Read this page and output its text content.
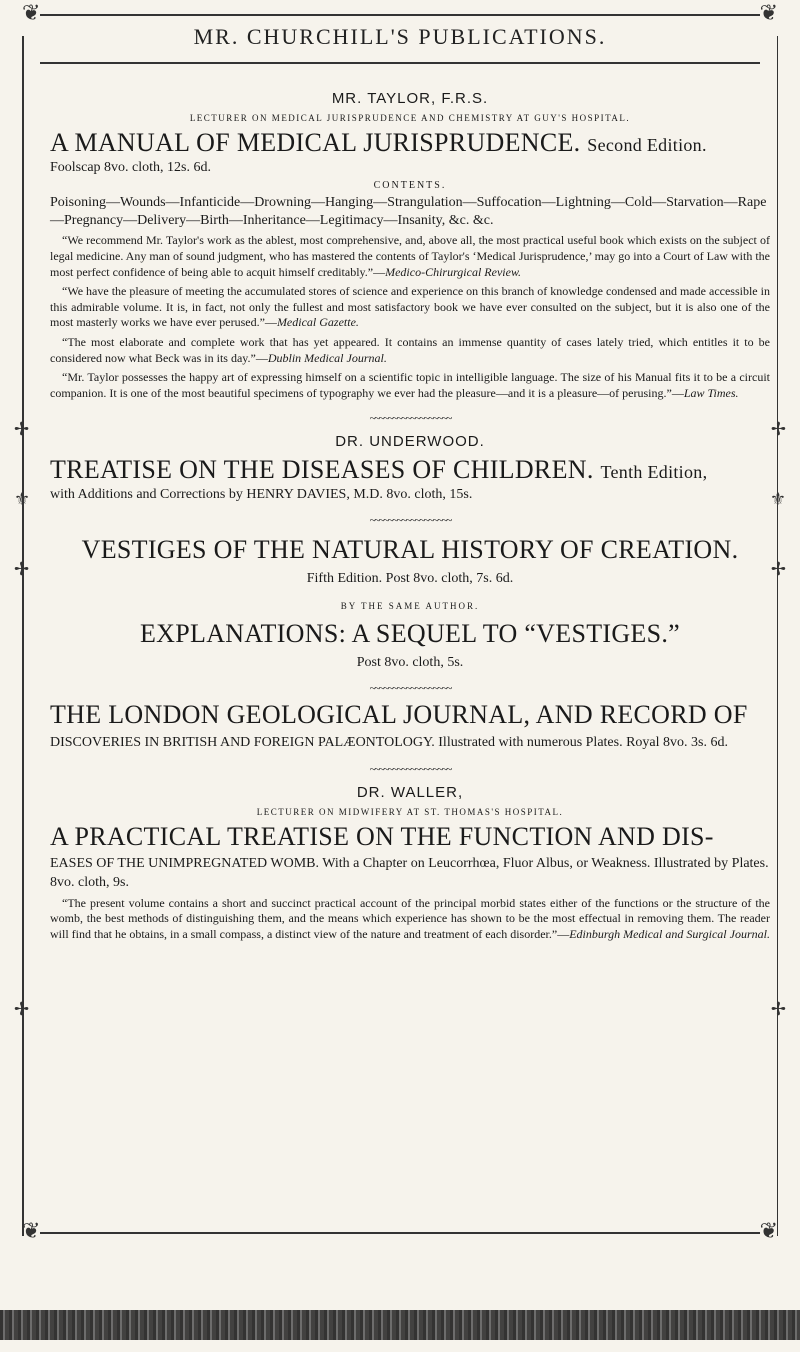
❦	❦
❦	❦
✢
⚜
✢
✢
✢
⚜
✢
✢
MR. CHURCHILL'S PUBLICATIONS.
MR. TAYLOR, F.R.S.
LECTURER ON MEDICAL JURISPRUDENCE AND CHEMISTRY AT GUY'S HOSPITAL.
A MANUAL OF MEDICAL JURISPRUDENCE. Second Edition.
Foolscap 8vo. cloth, 12s. 6d.
CONTENTS.
Poisoning—Wounds—Infanticide—Drowning—Hanging—Strangulation—Suffocation—Lightning—Cold—Starvation—Rape—Pregnancy—Delivery—Birth—Inheritance—Legitimacy—Insanity, &c. &c.

“We recommend Mr. Taylor's work as the ablest, most comprehensive, and, above all, the most practical useful book which exists on the subject of legal medicine. Any man of sound judgment, who has mastered the contents of Taylor's ‘Medical Jurisprudence,’ may go into a Court of Law with the most perfect confidence of being able to acquit himself creditably.”—Medico-Chirurgical Review.

“We have the pleasure of meeting the accumulated stores of science and experience on this branch of knowledge condensed and made accessible in this admirable volume. It is, in fact, not only the fullest and most satisfactory book we have ever consulted on the subject, but it is also one of the most masterly works we have ever perused.”—Medical Gazette.

“The most elaborate and complete work that has yet appeared. It contains an immense quantity of cases lately tried, which entitles it to be considered now what Beck was in its day.”—Dublin Medical Journal.

“Mr. Taylor possesses the happy art of expressing himself on a scientific topic in intelligible language. The size of his Manual fits it to be a circuit companion. It is one of the most beautiful specimens of typography we ever had the pleasure—and it is a pleasure—of perusing.”—Law Times.

~~~~~~~~~~~~~~~~~~
DR. UNDERWOOD.
TREATISE ON THE DISEASES OF CHILDREN. Tenth Edition,
with Additions and Corrections by HENRY DAVIES, M.D. 8vo. cloth, 15s.
~~~~~~~~~~~~~~~~~~
VESTIGES OF THE NATURAL HISTORY OF CREATION.
Fifth Edition. Post 8vo. cloth, 7s. 6d.
BY THE SAME AUTHOR.
EXPLANATIONS: A SEQUEL TO “VESTIGES.”
Post 8vo. cloth, 5s.
~~~~~~~~~~~~~~~~~~
THE LONDON GEOLOGICAL JOURNAL, AND RECORD OF
DISCOVERIES IN BRITISH AND FOREIGN PALÆONTOLOGY. Illustrated with numerous Plates. Royal 8vo. 3s. 6d.
~~~~~~~~~~~~~~~~~~
DR. WALLER,
LECTURER ON MIDWIFERY AT ST. THOMAS'S HOSPITAL.
A PRACTICAL TREATISE ON THE FUNCTION AND DIS-
EASES OF THE UNIMPREGNATED WOMB. With a Chapter on Leucorrhœa, Fluor Albus, or Weakness. Illustrated by Plates. 8vo. cloth, 9s.

“The present volume contains a short and succinct practical account of the principal morbid states either of the functions or the structure of the womb, the best methods of distinguishing them, and the means which experience has shown to be the most effectual in removing them. The reader will find that he obtains, in a small compass, a distinct view of the nature and treatment of each disorder.”—Edinburgh Medical and Surgical Journal.
